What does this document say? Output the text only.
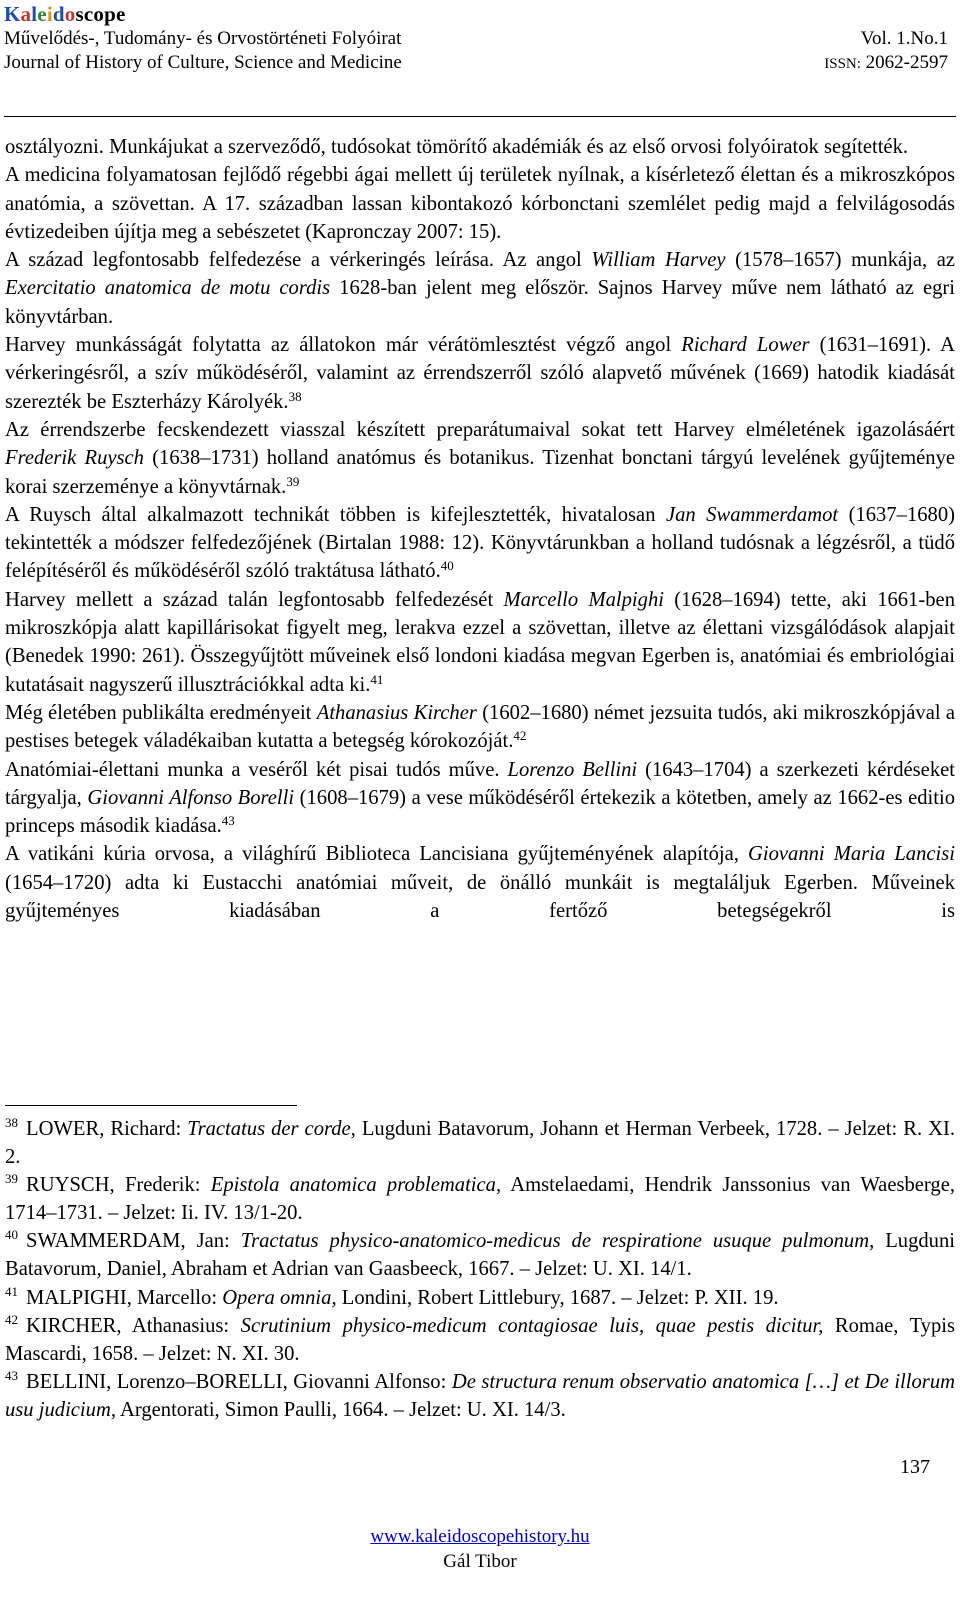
Kaleidoscope
Művelődés-, Tudomány- és Orvostörténeti Folyóirat
Journal of History of Culture, Science and Medicine
Vol. 1.No.1
ISSN: 2062-2597

osztályozni. Munkájukat a szerveződő, tudósokat tömörítő akadémiák és az első orvosi folyóiratok segítették.

A medicina folyamatosan fejlődő régebbi ágai mellett új területek nyílnak, a kísérletező élettan és a mikroszkópos anatómia, a szövettan. A 17. században lassan kibontakozó kórbonctani szemlélet pedig majd a felvilágosodás évtizedeiben újítja meg a sebészetet (Kapronczay 2007: 15).

A század legfontosabb felfedezése a vérkeringés leírása. Az angol William Harvey (1578–1657) munkája, az Exercitatio anatomica de motu cordis 1628-ban jelent meg először. Sajnos Harvey műve nem látható az egri könyvtárban.

Harvey munkásságát folytatta az állatokon már vérátömlesztést végző angol Richard Lower (1631–1691). A vérkeringésről, a szív működéséről, valamint az érrendszerről szóló alapvető művének (1669) hatodik kiadását szerezték be Eszterházy Károlyék.$^{38}$

Az érrendszerbe fecskendezett viasszal készített preparátumaival sokat tett Harvey elméletének igazolásáért Frederik Ruysch (1638–1731) holland anatómus és botanikus. Tizenhat bonctani tárgyú levelének gyűjteménye korai szerzeménye a könyvtárnak.$^{39}$

A Ruysch által alkalmazott technikát többen is kifejlesztették, hivatalosan Jan Swammerdamot (1637–1680) tekintették a módszer felfedezőjének (Birtalan 1988: 12). Könyvtárunkban a holland tudósnak a légzésről, a tüdő felépítéséről és működéséről szóló traktátusa látható.$^{40}$

Harvey mellett a század talán legfontosabb felfedezését Marcello Malpighi (1628–1694) tette, aki 1661-ben mikroszkópja alatt kapillárisokat figyelt meg, lerakva ezzel a szövettan, illetve az élettani vizsgálódások alapjait (Benedek 1990: 261). Összegyűjtött műveinek első londoni kiadása megvan Egerben is, anatómiai és embriológiai kutatásait nagyszerű illusztrációkkal adta ki.$^{41}$

Még életében publikálta eredményeit Athanasius Kircher (1602–1680) német jezsuita tudós, aki mikroszkópjával a pestises betegek váladékaiban kutatta a betegség kórokozóját.$^{42}$

Anatómiai-élettani munka a veséről két pisai tudós műve. Lorenzo Bellini (1643–1704) a szerkezeti kérdéseket tárgyalja, Giovanni Alfonso Borelli (1608–1679) a vese működéséről értekezik a kötetben, amely az 1662-es editio princeps második kiadása.$^{43}$

A vatikáni kúria orvosa, a világhírű Biblioteca Lancisiana gyűjteményének alapítója, Giovanni Maria Lancisi (1654–1720) adta ki Eustacchi anatómiai műveit, de önálló munkáit is megtaláljuk Egerben. Műveinek gyűjteményes kiadásában a fertőző betegségekről is

$^{38}$ LOWER, Richard: Tractatus der corde, Lugduni Batavorum, Johann et Herman Verbeek, 1728. – Jelzet: R. XI. 2.

$^{39}$ RUYSCH, Frederik: Epistola anatomica problematica, Amstelaedami, Hendrik Janssonius van Waesberge, 1714–1731. – Jelzet: Ii. IV. 13/1-20.

$^{40}$ SWAMMERDAM, Jan: Tractatus physico-anatomico-medicus de respiratione usuque pulmonum, Lugduni Batavorum, Daniel, Abraham et Adrian van Gaasbeeck, 1667. – Jelzet: U. XI. 14/1.

$^{41}$ MALPIGHI, Marcello: Opera omnia, Londini, Robert Littlebury, 1687. – Jelzet: P. XII. 19.

$^{42}$ KIRCHER, Athanasius: Scrutinium physico-medicum contagiosae luis, quae pestis dicitur, Romae, Typis Mascardi, 1658. – Jelzet: N. XI. 30.

$^{43}$ BELLINI, Lorenzo–BORELLI, Giovanni Alfonso: De structura renum observatio anatomica […] et De illorum usu judicium, Argentorati, Simon Paulli, 1664. – Jelzet: U. XI. 14/3.

137
www.kaleidoscopehistory.hu
Gál Tibor
